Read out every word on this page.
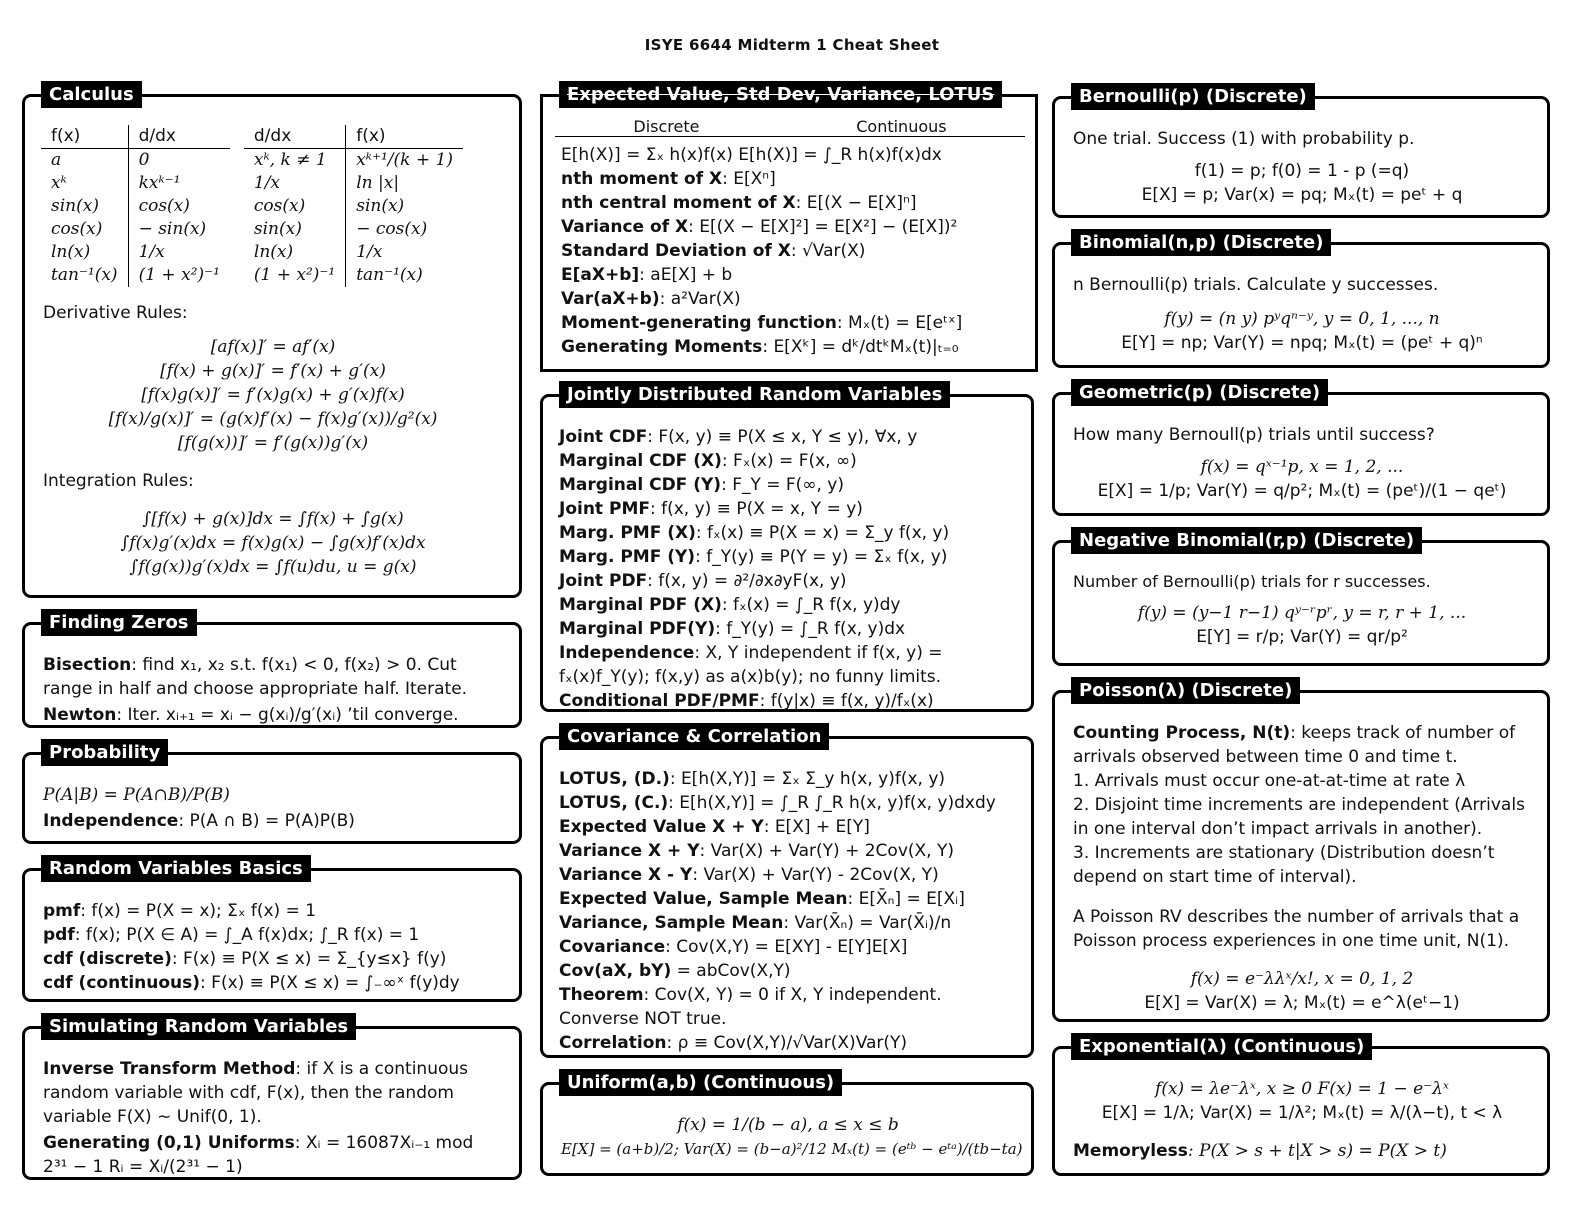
ISYE 6644 Midterm 1 Cheat Sheet
Calculus
f(x)	d/dx
a	0
xᵏ	kxᵏ⁻¹
sin(x)	cos(x)
cos(x)	− sin(x)
ln(x)	1/x
tan⁻¹(x)	(1 + x²)⁻¹
d/dx	f(x)
xᵏ, k ≠ 1	xᵏ⁺¹/(k + 1)
1/x	ln |x|
cos(x)	sin(x)
sin(x)	− cos(x)
ln(x)	1/x
(1 + x²)⁻¹	tan⁻¹(x)
Derivative Rules:
[af(x)]′ = af′(x)
[f(x) + g(x)]′ = f′(x) + g′(x)
[f(x)g(x)]′ = f′(x)g(x) + g′(x)f(x)
[f(x)/g(x)]′ = (g(x)f′(x) − f(x)g′(x))/g²(x)
[f(g(x))]′ = f′(g(x))g′(x)
Integration Rules:
∫[f(x) + g(x)]dx = ∫f(x) + ∫g(x)
∫f(x)g′(x)dx = f(x)g(x) − ∫g(x)f′(x)dx
∫f(g(x))g′(x)dx = ∫f(u)du, u = g(x)
Finding Zeros
Bisection: find x₁, x₂ s.t. f(x₁) < 0, f(x₂) > 0. Cut range in half and choose appropriate half. Iterate.
Newton: Iter. xᵢ₊₁ = xᵢ − g(xᵢ)/g′(xᵢ) ’til converge.
Probability
P(A|B) = P(A∩B)/P(B)
Independence: P(A ∩ B) = P(A)P(B)
Random Variables Basics
pmf: f(x) = P(X = x); Σₓ f(x) = 1
pdf: f(x); P(X ∈ A) = ∫_A f(x)dx; ∫_R f(x) = 1
cdf (discrete): F(x) ≡ P(X ≤ x) = Σ_{y≤x} f(y)
cdf (continuous): F(x) ≡ P(X ≤ x) = ∫₋∞ˣ f(y)dy
Simulating Random Variables
Inverse Transform Method: if X is a continuous random variable with cdf, F(x), then the random variable F(X) ∼ Unif(0, 1).
Generating (0,1) Uniforms: Xᵢ = 16087Xᵢ₋₁ mod 2³¹ − 1 Rᵢ = Xᵢ/(2³¹ − 1)
Expected Value, Std Dev, Variance, LOTUS
Discrete	Continuous
E[h(X)] = Σₓ h(x)f(x) E[h(X)] = ∫_R h(x)f(x)dx
nth moment of X: E[Xⁿ]
nth central moment of X: E[(X − E[X]ⁿ]
Variance of X: E[(X − E[X]²] = E[X²] − (E[X])²
Standard Deviation of X: √Var(X)
E[aX+b]: aE[X] + b
Var(aX+b): a²Var(X)
Moment-generating function: Mₓ(t) = E[eᵗˣ]
Generating Moments: E[Xᵏ] = dᵏ/dtᵏMₓ(t)|ₜ₌₀
Jointly Distributed Random Variables
Joint CDF: F(x, y) ≡ P(X ≤ x, Y ≤ y), ∀x, y
Marginal CDF (X): Fₓ(x) = F(x, ∞)
Marginal CDF (Y): F_Y = F(∞, y)
Joint PMF: f(x, y) ≡ P(X = x, Y = y)
Marg. PMF (X): fₓ(x) ≡ P(X = x) = Σ_y f(x, y)
Marg. PMF (Y): f_Y(y) ≡ P(Y = y) = Σₓ f(x, y)
Joint PDF: f(x, y) = ∂²/∂x∂yF(x, y)
Marginal PDF (X): fₓ(x) = ∫_R f(x, y)dy
Marginal PDF(Y): f_Y(y) = ∫_R f(x, y)dx
Independence: X, Y independent if f(x, y) = fₓ(x)f_Y(y); f(x,y) as a(x)b(y); no funny limits.
Conditional PDF/PMF: f(y|x) ≡ f(x, y)/fₓ(x)
Covariance & Correlation
LOTUS, (D.): E[h(X,Y)] = Σₓ Σ_y h(x, y)f(x, y)
LOTUS, (C.): E[h(X,Y)] = ∫_R ∫_R h(x, y)f(x, y)dxdy
Expected Value X + Y: E[X] + E[Y]
Variance X + Y: Var(X) + Var(Y) + 2Cov(X, Y)
Variance X - Y: Var(X) + Var(Y) - 2Cov(X, Y)
Expected Value, Sample Mean: E[X̄ₙ] = E[Xᵢ]
Variance, Sample Mean: Var(X̄ₙ) = Var(X̄ᵢ)/n
Covariance: Cov(X,Y) = E[XY] - E[Y]E[X]
Cov(aX, bY) = abCov(X,Y)
Theorem: Cov(X, Y) = 0 if X, Y independent. Converse NOT true.
Correlation: ρ ≡ Cov(X,Y)/√Var(X)Var(Y)
Uniform(a,b) (Continuous)
f(x) = 1/(b − a), a ≤ x ≤ b
E[X] = (a+b)/2; Var(X) = (b−a)²/12 Mₓ(t) = (eᵗᵇ − eᵗᵃ)/(tb−ta)
Bernoulli(p) (Discrete)
One trial. Success (1) with probability p.
f(1) = p; f(0) = 1 - p (=q)
E[X] = p; Var(x) = pq; Mₓ(t) = peᵗ + q
Binomial(n,p) (Discrete)
n Bernoulli(p) trials. Calculate y successes.
f(y) = (n y) pʸqⁿ⁻ʸ, y = 0, 1, ..., n
E[Y] = np; Var(Y) = npq; Mₓ(t) = (peᵗ + q)ⁿ
Geometric(p) (Discrete)
How many Bernoull(p) trials until success?
f(x) = qˣ⁻¹p, x = 1, 2, ...
E[X] = 1/p; Var(Y) = q/p²; Mₓ(t) = (peᵗ)/(1 − qeᵗ)
Negative Binomial(r,p) (Discrete)
Number of Bernoulli(p) trials for r successes.
f(y) = (y−1 r−1) qʸ⁻ʳpʳ, y = r, r + 1, ...
E[Y] = r/p; Var(Y) = qr/p²
Poisson(λ) (Discrete)
Counting Process, N(t): keeps track of number of arrivals observed between time 0 and time t.
1. Arrivals must occur one-at-at-time at rate λ
2. Disjoint time increments are independent (Arrivals in one interval don’t impact arrivals in another).
3. Increments are stationary (Distribution doesn’t depend on start time of interval).
A Poisson RV describes the number of arrivals that a Poisson process experiences in one time unit, N(1).
f(x) = e⁻λλˣ/x!, x = 0, 1, 2
E[X] = Var(X) = λ; Mₓ(t) = e^λ(eᵗ−1)
Exponential(λ) (Continuous)
f(x) = λe⁻λˣ, x ≥ 0 F(x) = 1 − e⁻λˣ
E[X] = 1/λ; Var(X) = 1/λ²; Mₓ(t) = λ/(λ−t), t < λ
Memoryless: P(X > s + t|X > s) = P(X > t)
